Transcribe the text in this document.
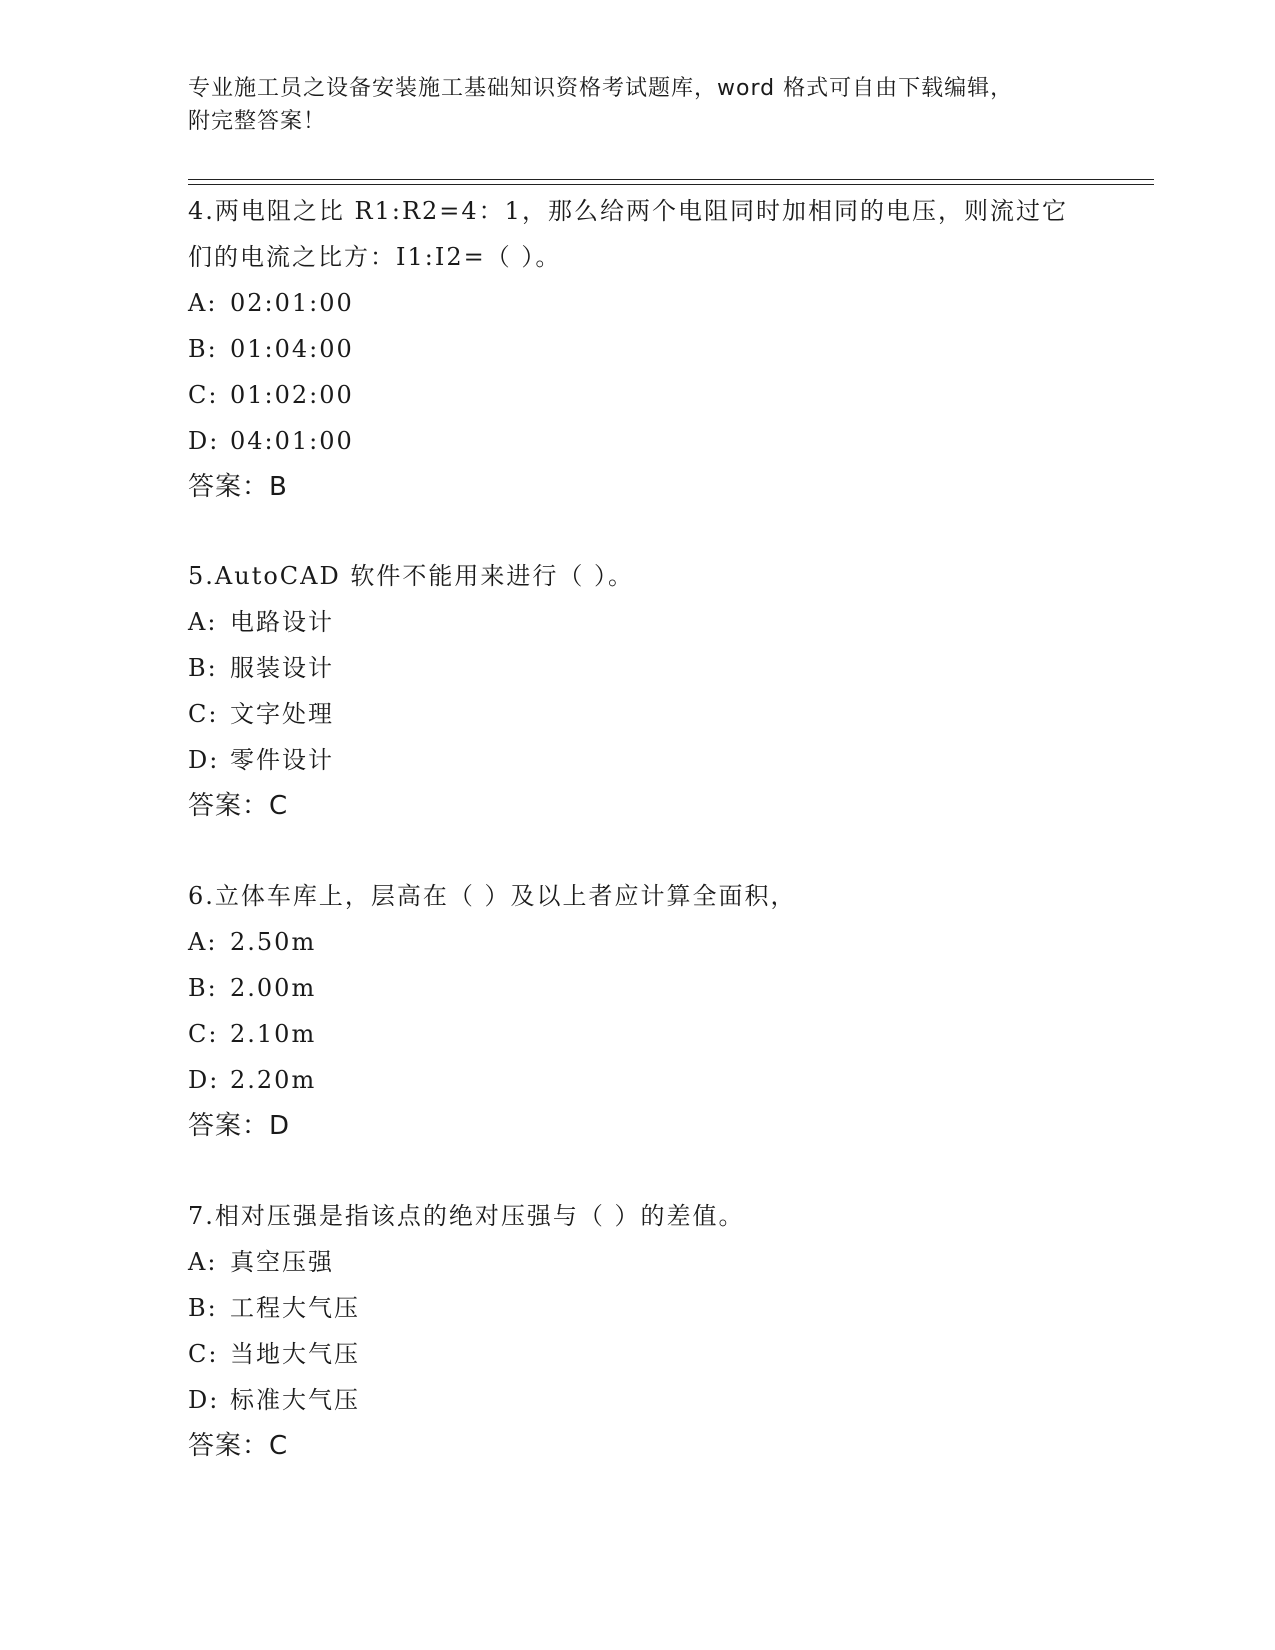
专业施工员之设备安装施工基础知识资格考试题库，word 格式可自由下载编辑，
附完整答案！
4.两电阻之比 R1:R2=4：1，那么给两个电阻同时加相同的电压，则流过它们的电流之比方：I1:I2=（ ）。
A: 02:01:00
B: 01:04:00
C: 01:02:00
D: 04:01:00
答案：B
5.AutoCAD 软件不能用来进行（ ）。
A: 电路设计
B: 服装设计
C: 文字处理
D: 零件设计
答案：C
6.立体车库上，层高在（ ）及以上者应计算全面积，
A: 2.50m
B: 2.00m
C: 2.10m
D: 2.20m
答案：D
7.相对压强是指该点的绝对压强与（ ）的差值。
A: 真空压强
B: 工程大气压
C: 当地大气压
D: 标准大气压
答案：C
